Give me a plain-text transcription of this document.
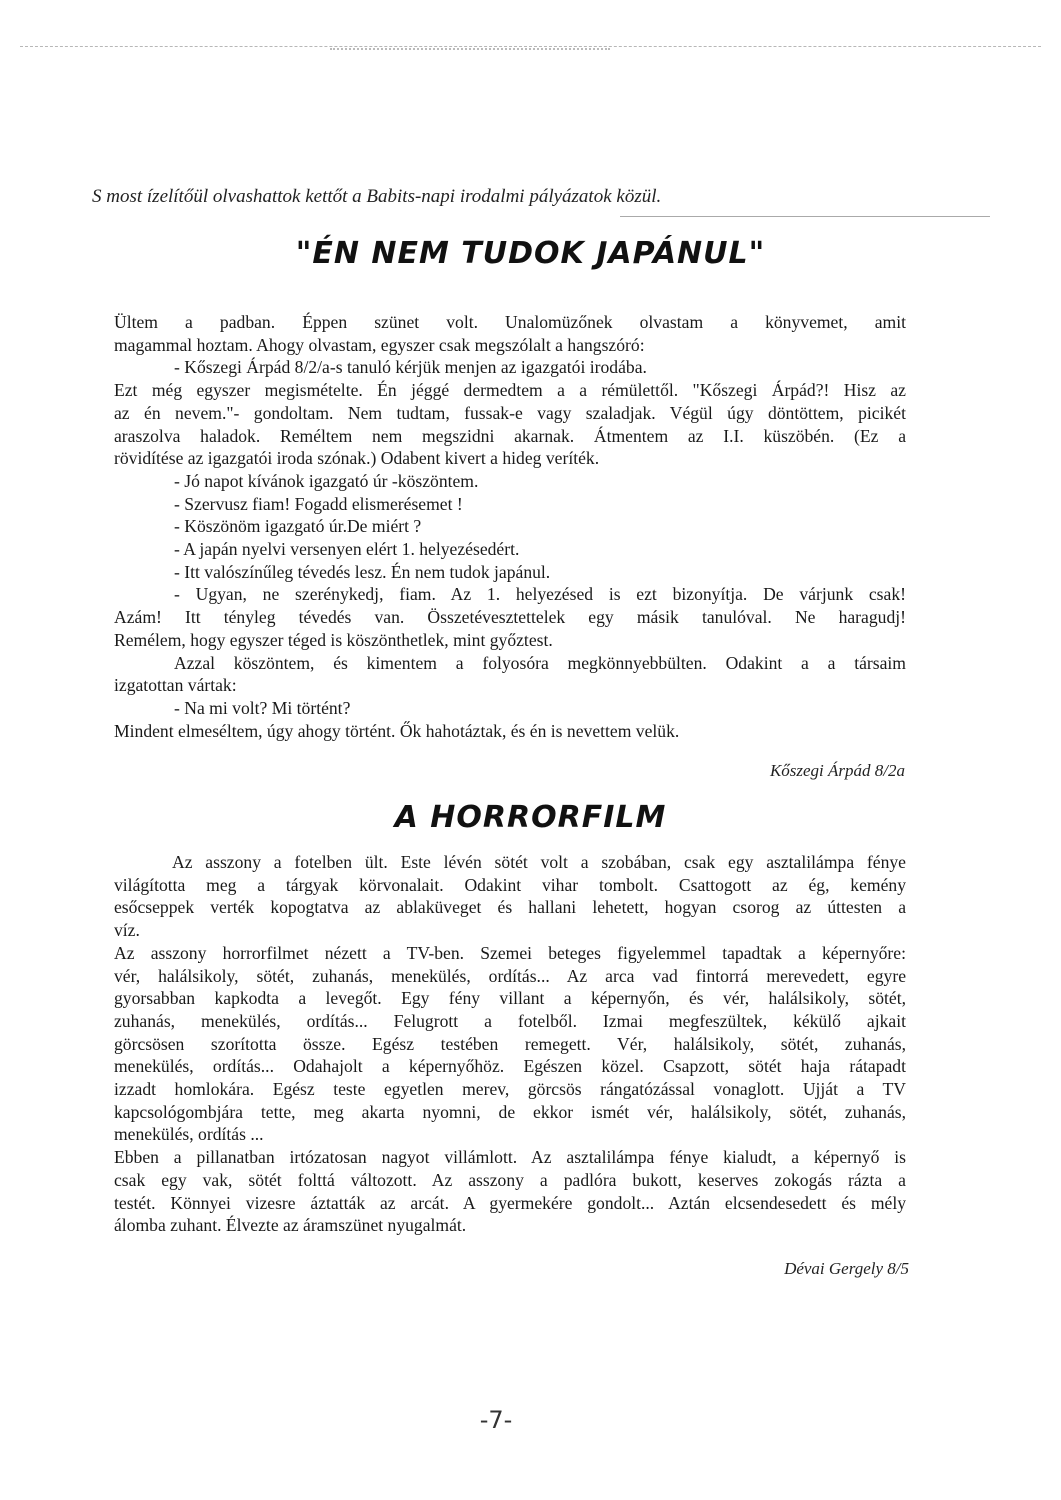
S most ízelítőül olvashattok kettőt a Babits-napi irodalmi pályázatok közül.
"ÉN NEM TUDOK JAPÁNUL"
Ültem a padban. Éppen szünet volt. Unalomüzőnek olvastam a könyvemet, amit
magammal hoztam. Ahogy olvastam, egyszer csak megszólalt a hangszóró:
- Kőszegi Árpád 8/2/a-s tanuló kérjük menjen az igazgatói irodába.
Ezt még egyszer megismételte. Én jéggé dermedtem a a rémülettől. "Kőszegi Árpád?! Hisz az
az én nevem."- gondoltam. Nem tudtam, fussak-e vagy szaladjak. Végül úgy döntöttem, picikét
araszolva haladok. Reméltem nem megszidni akarnak. Átmentem az I.I. küszöbén. (Ez a
rövidítése az igazgatói iroda szónak.) Odabent kivert a hideg veríték.
- Jó napot kívánok igazgató úr -köszöntem.
- Szervusz fiam! Fogadd elismerésemet !
- Köszönöm igazgató úr.De miért ?
- A japán nyelvi versenyen elért 1. helyezésedért.
- Itt valószínűleg tévedés lesz. Én nem tudok japánul.
- Ugyan, ne szerénykedj, fiam. Az 1. helyezésed is ezt bizonyítja. De várjunk csak!
Azám! Itt tényleg tévedés van. Összetévesztettelek egy másik tanulóval. Ne haragudj!
Remélem, hogy egyszer téged is köszönthetlek, mint győztest.
Azzal köszöntem, és kimentem a folyosóra megkönnyebbülten. Odakint a a társaim
izgatottan vártak:
- Na mi volt? Mi történt?
Mindent elmeséltem, úgy ahogy történt. Ők hahotáztak, és én is nevettem velük.
Kőszegi Árpád 8/2a
A HORRORFILM
Az asszony a fotelben ült. Este lévén sötét volt a szobában, csak egy asztalilámpa fénye
világította meg a tárgyak körvonalait. Odakint vihar tombolt. Csattogott az ég, kemény
esőcseppek verték kopogtatva az ablaküveget és hallani lehetett, hogyan csorog az úttesten a
víz.
Az asszony horrorfilmet nézett a TV-ben. Szemei beteges figyelemmel tapadtak a képernyőre:
vér, halálsikoly, sötét, zuhanás, menekülés, ordítás... Az arca vad fintorrá merevedett, egyre
gyorsabban kapkodta a levegőt. Egy fény villant a képernyőn, és vér, halálsikoly, sötét,
zuhanás, menekülés, ordítás... Felugrott a fotelből. Izmai megfeszültek, kékülő ajkait
görcsösen szorította össze. Egész testében remegett. Vér, halálsikoly, sötét, zuhanás,
menekülés, ordítás... Odahajolt a képernyőhöz. Egészen közel. Csapzott, sötét haja rátapadt
izzadt homlokára. Egész teste egyetlen merev, görcsös rángatózással vonaglott. Ujját a TV
kapcsológombjára tette, meg akarta nyomni, de ekkor ismét vér, halálsikoly, sötét, zuhanás,
menekülés, ordítás ...
Ebben a pillanatban irtózatosan nagyot villámlott. Az asztalilámpa fénye kialudt, a képernyő is
csak egy vak, sötét folttá változott. Az asszony a padlóra bukott, keserves zokogás rázta a
testét. Könnyei vizesre áztatták az arcát. A gyermekére gondolt... Aztán elcsendesedett és mély
álomba zuhant. Élvezte az áramszünet nyugalmát.
Dévai Gergely 8/5
-7-
